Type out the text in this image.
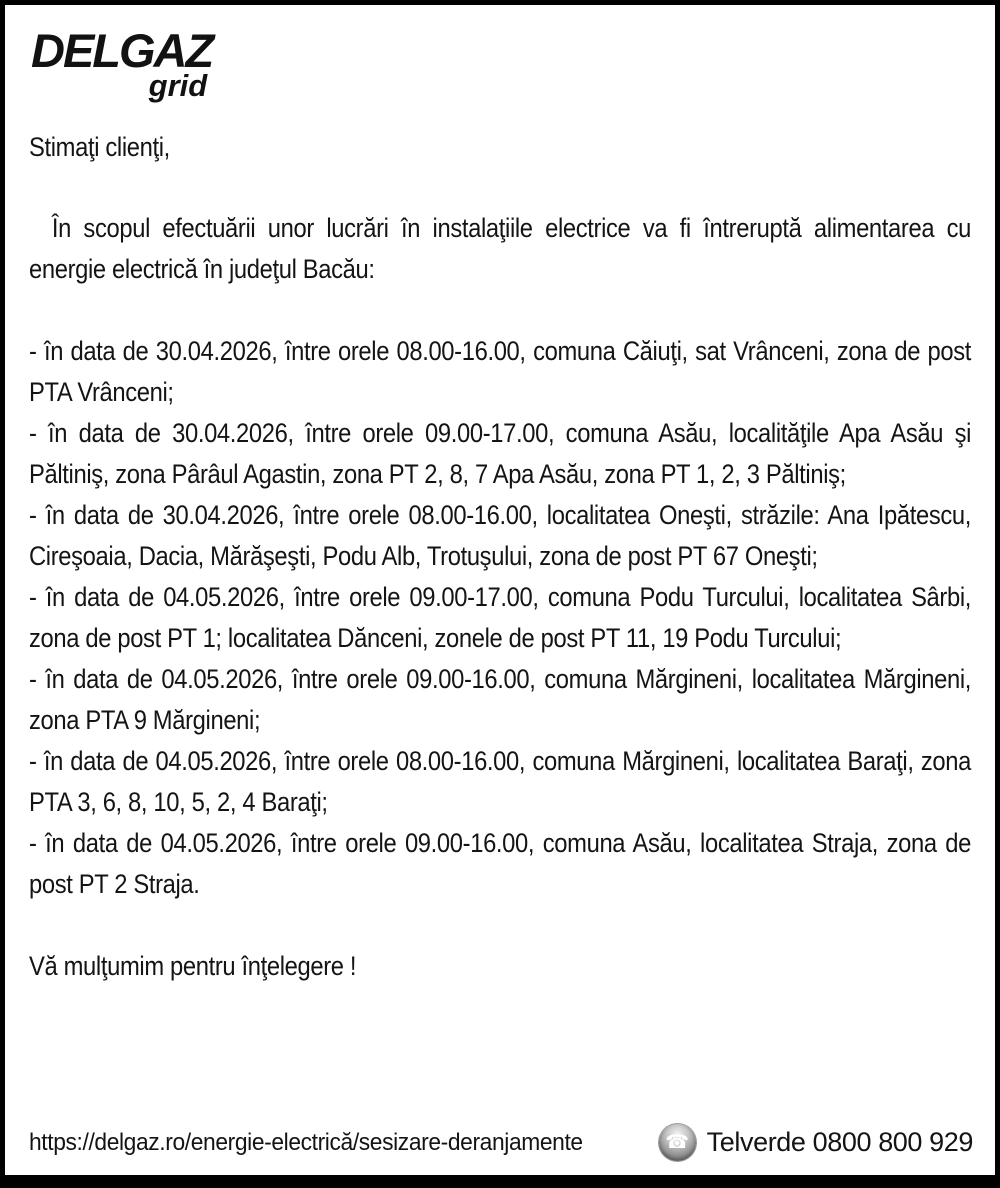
DELGAZ
grid

Stimaţi clienţi,

În scopul efectuării unor lucrări în instalaţiile electrice va fi întreruptă alimentarea cu energie electrică în judeţul Bacău:

- în data de 30.04.2026, între orele 08.00-16.00, comuna Căiuţi, sat Vrânceni, zona de post PTA Vrânceni;

- în data de 30.04.2026, între orele 09.00-17.00, comuna Asău, localităţile Apa Asău şi Păltiniş, zona Pârâul Agastin, zona PT 2, 8, 7 Apa Asău, zona PT 1, 2, 3 Păltiniş;

- în data de 30.04.2026, între orele 08.00-16.00, localitatea Oneşti, străzile: Ana Ipătescu, Cireşoaia, Dacia, Mărăşeşti, Podu Alb, Trotuşului, zona de post PT 67 Oneşti;

- în data de 04.05.2026, între orele 09.00-17.00, comuna Podu Turcului, localitatea Sârbi, zona de post PT 1; localitatea Dănceni, zonele de post PT 11, 19 Podu Turcului;

- în data de 04.05.2026, între orele 09.00-16.00, comuna Mărgineni, localitatea Mărgineni, zona PTA 9 Mărgineni;

- în data de 04.05.2026, între orele 08.00-16.00, comuna Mărgineni, localitatea Baraţi, zona PTA 3, 6, 8, 10, 5, 2, 4 Baraţi;

- în data de 04.05.2026, între orele 09.00-16.00, comuna Asău, localitatea Straja, zona de post PT 2 Straja.

Vă mulţumim pentru înţelegere !

https://delgaz.ro/energie-electrică/sesizare-deranjamente	☎ Telverde 0800 800 929
